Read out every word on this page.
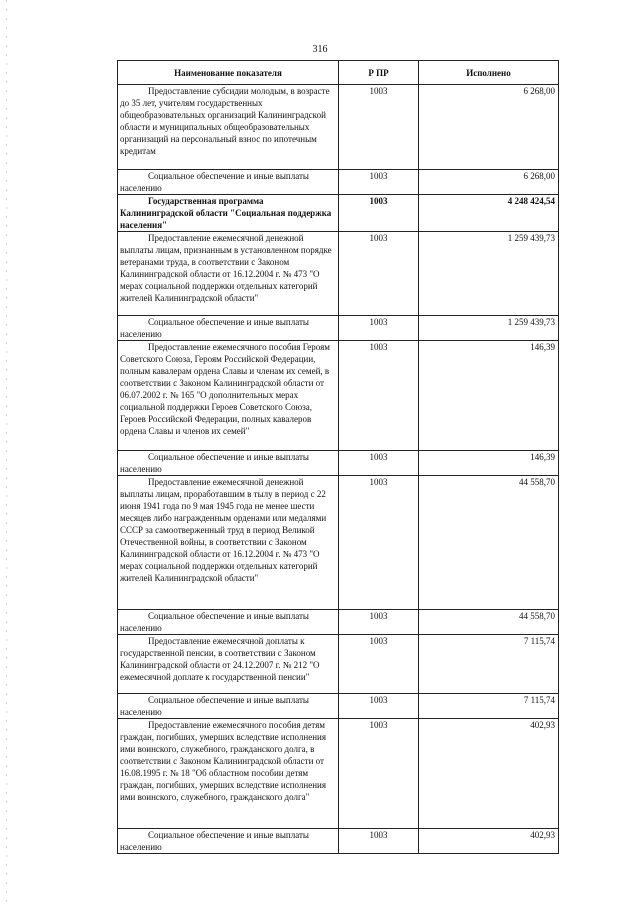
316
Наименование показателя	Р ПР	Исполнено
Предоставление субсидии молодым, в возрасте до 35 лет, учителям государственных общеобразовательных организаций Калининградской области и муниципальных общеобразовательных организаций на персональный взнос по ипотечным кредитам	1003	6 268,00
Социальное обеспечение и иные выплаты населению	1003	6 268,00
Государственная программа Калининградской области "Социальная поддержка населения"	1003	4 248 424,54
Предоставление ежемесячной денежной выплаты лицам, признанным в установленном порядке ветеранами труда, в соответствии с Законом Калининградской области от 16.12.2004 г. № 473 "О мерах социальной поддержки отдельных категорий жителей Калининградской области"	1003	1 259 439,73
Социальное обеспечение и иные выплаты населению	1003	1 259 439,73
Предоставление ежемесячного пособия Героям Советского Союза, Героям Российской Федерации, полным кавалерам ордена Славы и членам их семей, в соответствии с Законом Калининградской области от 06.07.2002 г. № 165 "О дополнительных мерах социальной поддержки Героев Советского Союза, Героев Российской Федерации, полных кавалеров ордена Славы и членов их семей"	1003	146,39
Социальное обеспечение и иные выплаты населению	1003	146,39
Предоставление ежемесячной денежной выплаты лицам, проработавшим в тылу в период с 22 июня 1941 года по 9 мая 1945 года не менее шести месяцев либо награжденным орденами или медалями СССР за самоотверженный труд в период Великой Отечественной войны, в соответствии с Законом Калининградской области от 16.12.2004 г. № 473 "О мерах социальной поддержки отдельных категорий жителей Калининградской области"	1003	44 558,70
Социальное обеспечение и иные выплаты населению	1003	44 558,70
Предоставление ежемесячной доплаты к государственной пенсии, в соответствии с Законом Калининградской области от 24.12.2007 г. № 212 "О ежемесячной доплате к государственной пенсии"	1003	7 115,74
Социальное обеспечение и иные выплаты населению	1003	7 115,74
Предоставление ежемесячного пособия детям граждан, погибших, умерших вследствие исполнения ими воинского, служебного, гражданского долга, в соответствии с Законом Калининградской области от 16.08.1995 г. № 18 "Об областном пособии детям граждан, погибших, умерших вследствие исполнения ими воинского, служебного, гражданского долга"	1003	402,93
Социальное обеспечение и иные выплаты населению	1003	402,93
